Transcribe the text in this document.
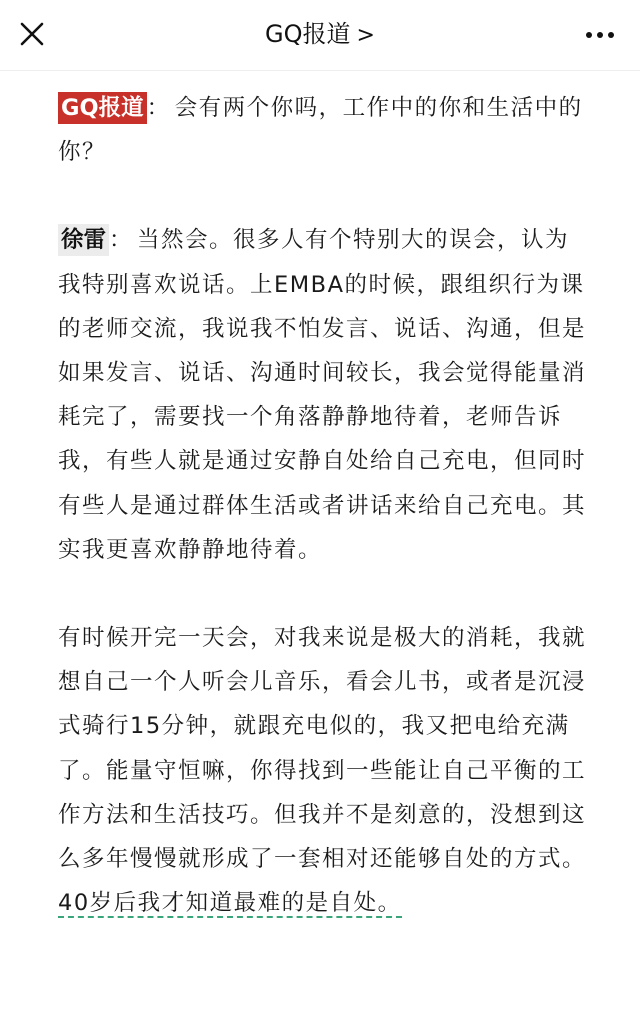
GQ报道 >

GQ报道 ： 会有两个你吗，工作中的你和生活中的你？

徐雷 ： 当然会。很多人有个特别大的误会，认为我特别喜欢说话。上EMBA的时候，跟组织行为课的老师交流，我说我不怕发言、说话、沟通，但是如果发言、说话、沟通时间较长，我会觉得能量消耗完了，需要找一个角落静静地待着，老师告诉我，有些人就是通过安静自处给自己充电，但同时有些人是通过群体生活或者讲话来给自己充电。其实我更喜欢静静地待着。

有时候开完一天会，对我来说是极大的消耗，我就想自己一个人听会儿音乐，看会儿书，或者是沉浸式骑行15分钟，就跟充电似的，我又把电给充满了。能量守恒嘛，你得找到一些能让自己平衡的工作方法和生活技巧。但我并不是刻意的，没想到这么多年慢慢就形成了一套相对还能够自处的方式。40岁后我才知道最难的是自处。
